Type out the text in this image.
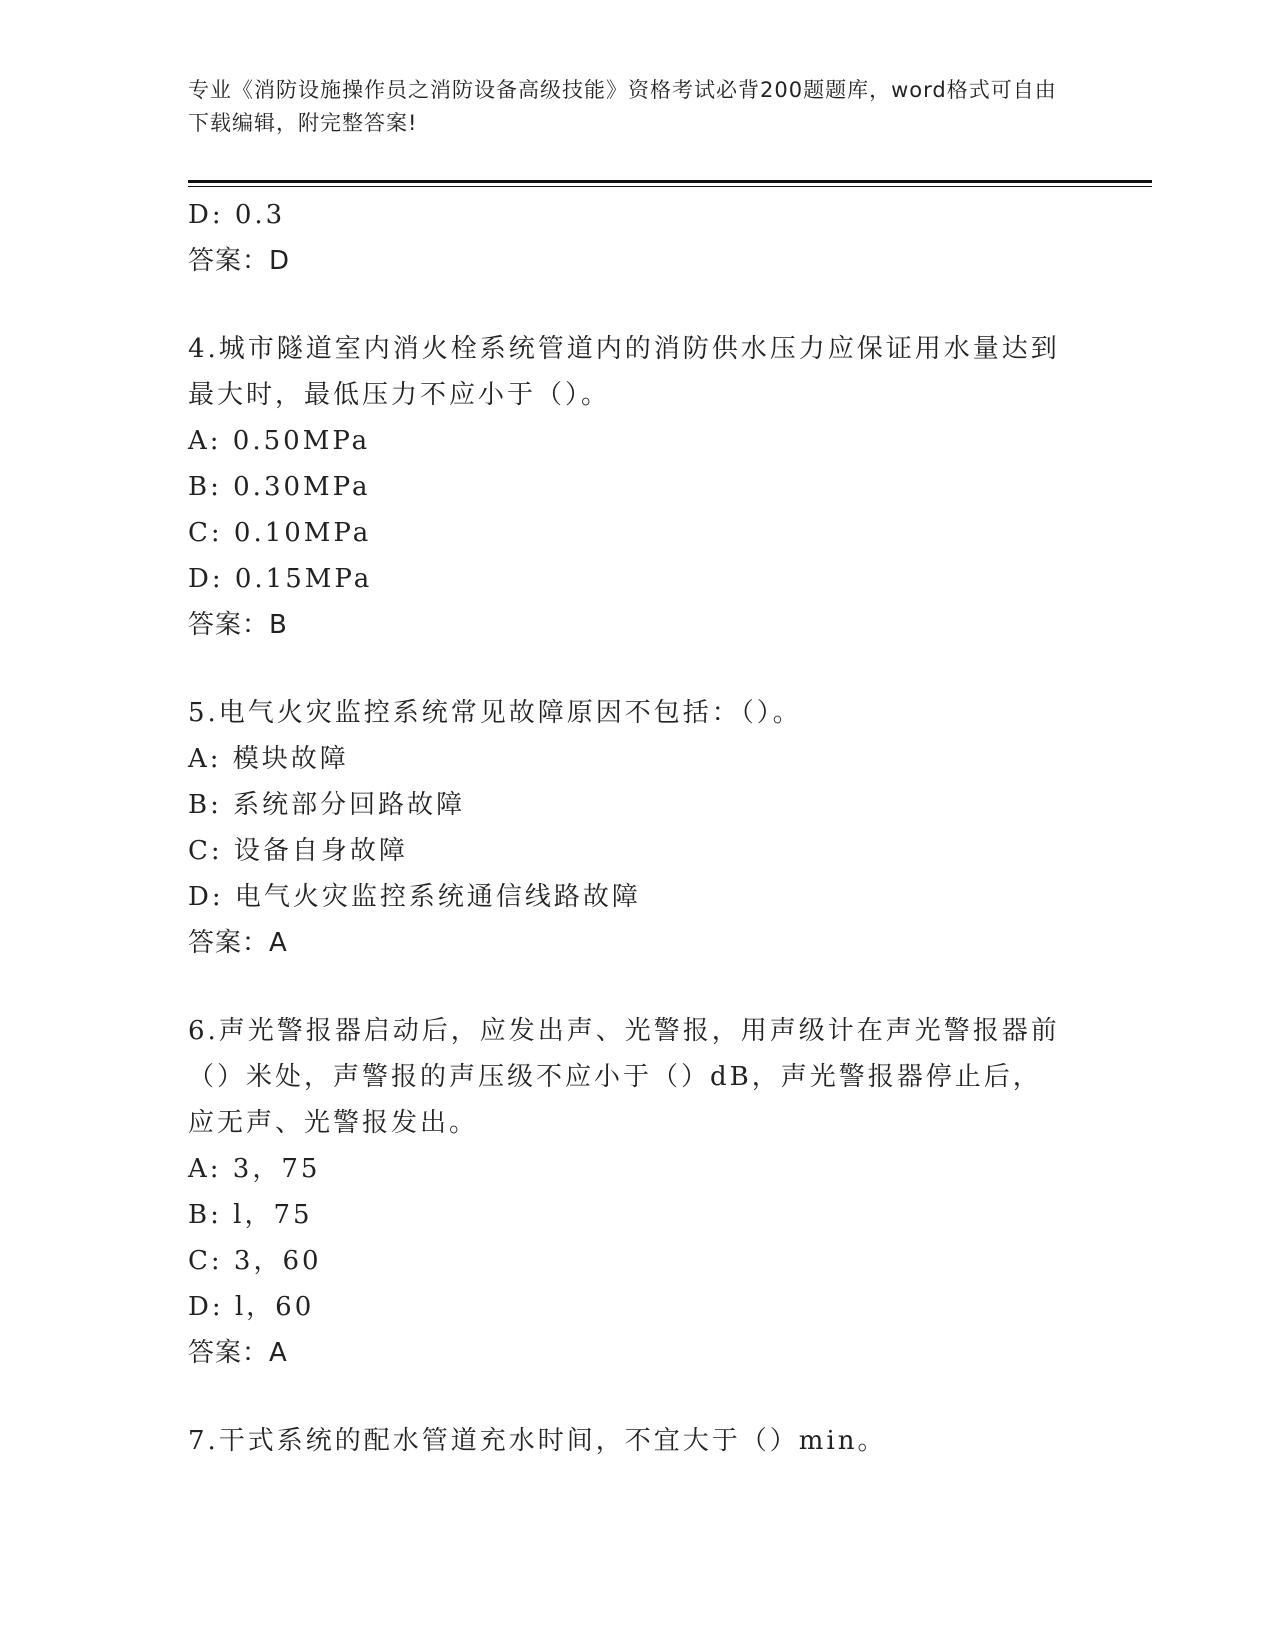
专业《消防设施操作员之消防设备高级技能》资格考试必背200题题库，word格式可自由下载编辑，附完整答案!
D: 0.3
答案：D
4.城市隧道室内消火栓系统管道内的消防供水压力应保证用水量达到最大时，最低压力不应小于（）。
A: 0.50MPa
B: 0.30MPa
C: 0.10MPa
D: 0.15MPa
答案：B
5.电气火灾监控系统常见故障原因不包括：（）。
A: 模块故障
B: 系统部分回路故障
C: 设备自身故障
D: 电气火灾监控系统通信线路故障
答案：A
6.声光警报器启动后，应发出声、光警报，用声级计在声光警报器前（）米处，声警报的声压级不应小于（）dB，声光警报器停止后，应无声、光警报发出。
A: 3，75
B: l，75
C: 3，60
D: l，60
答案：A
7.干式系统的配水管道充水时间，不宜大于（）min。
